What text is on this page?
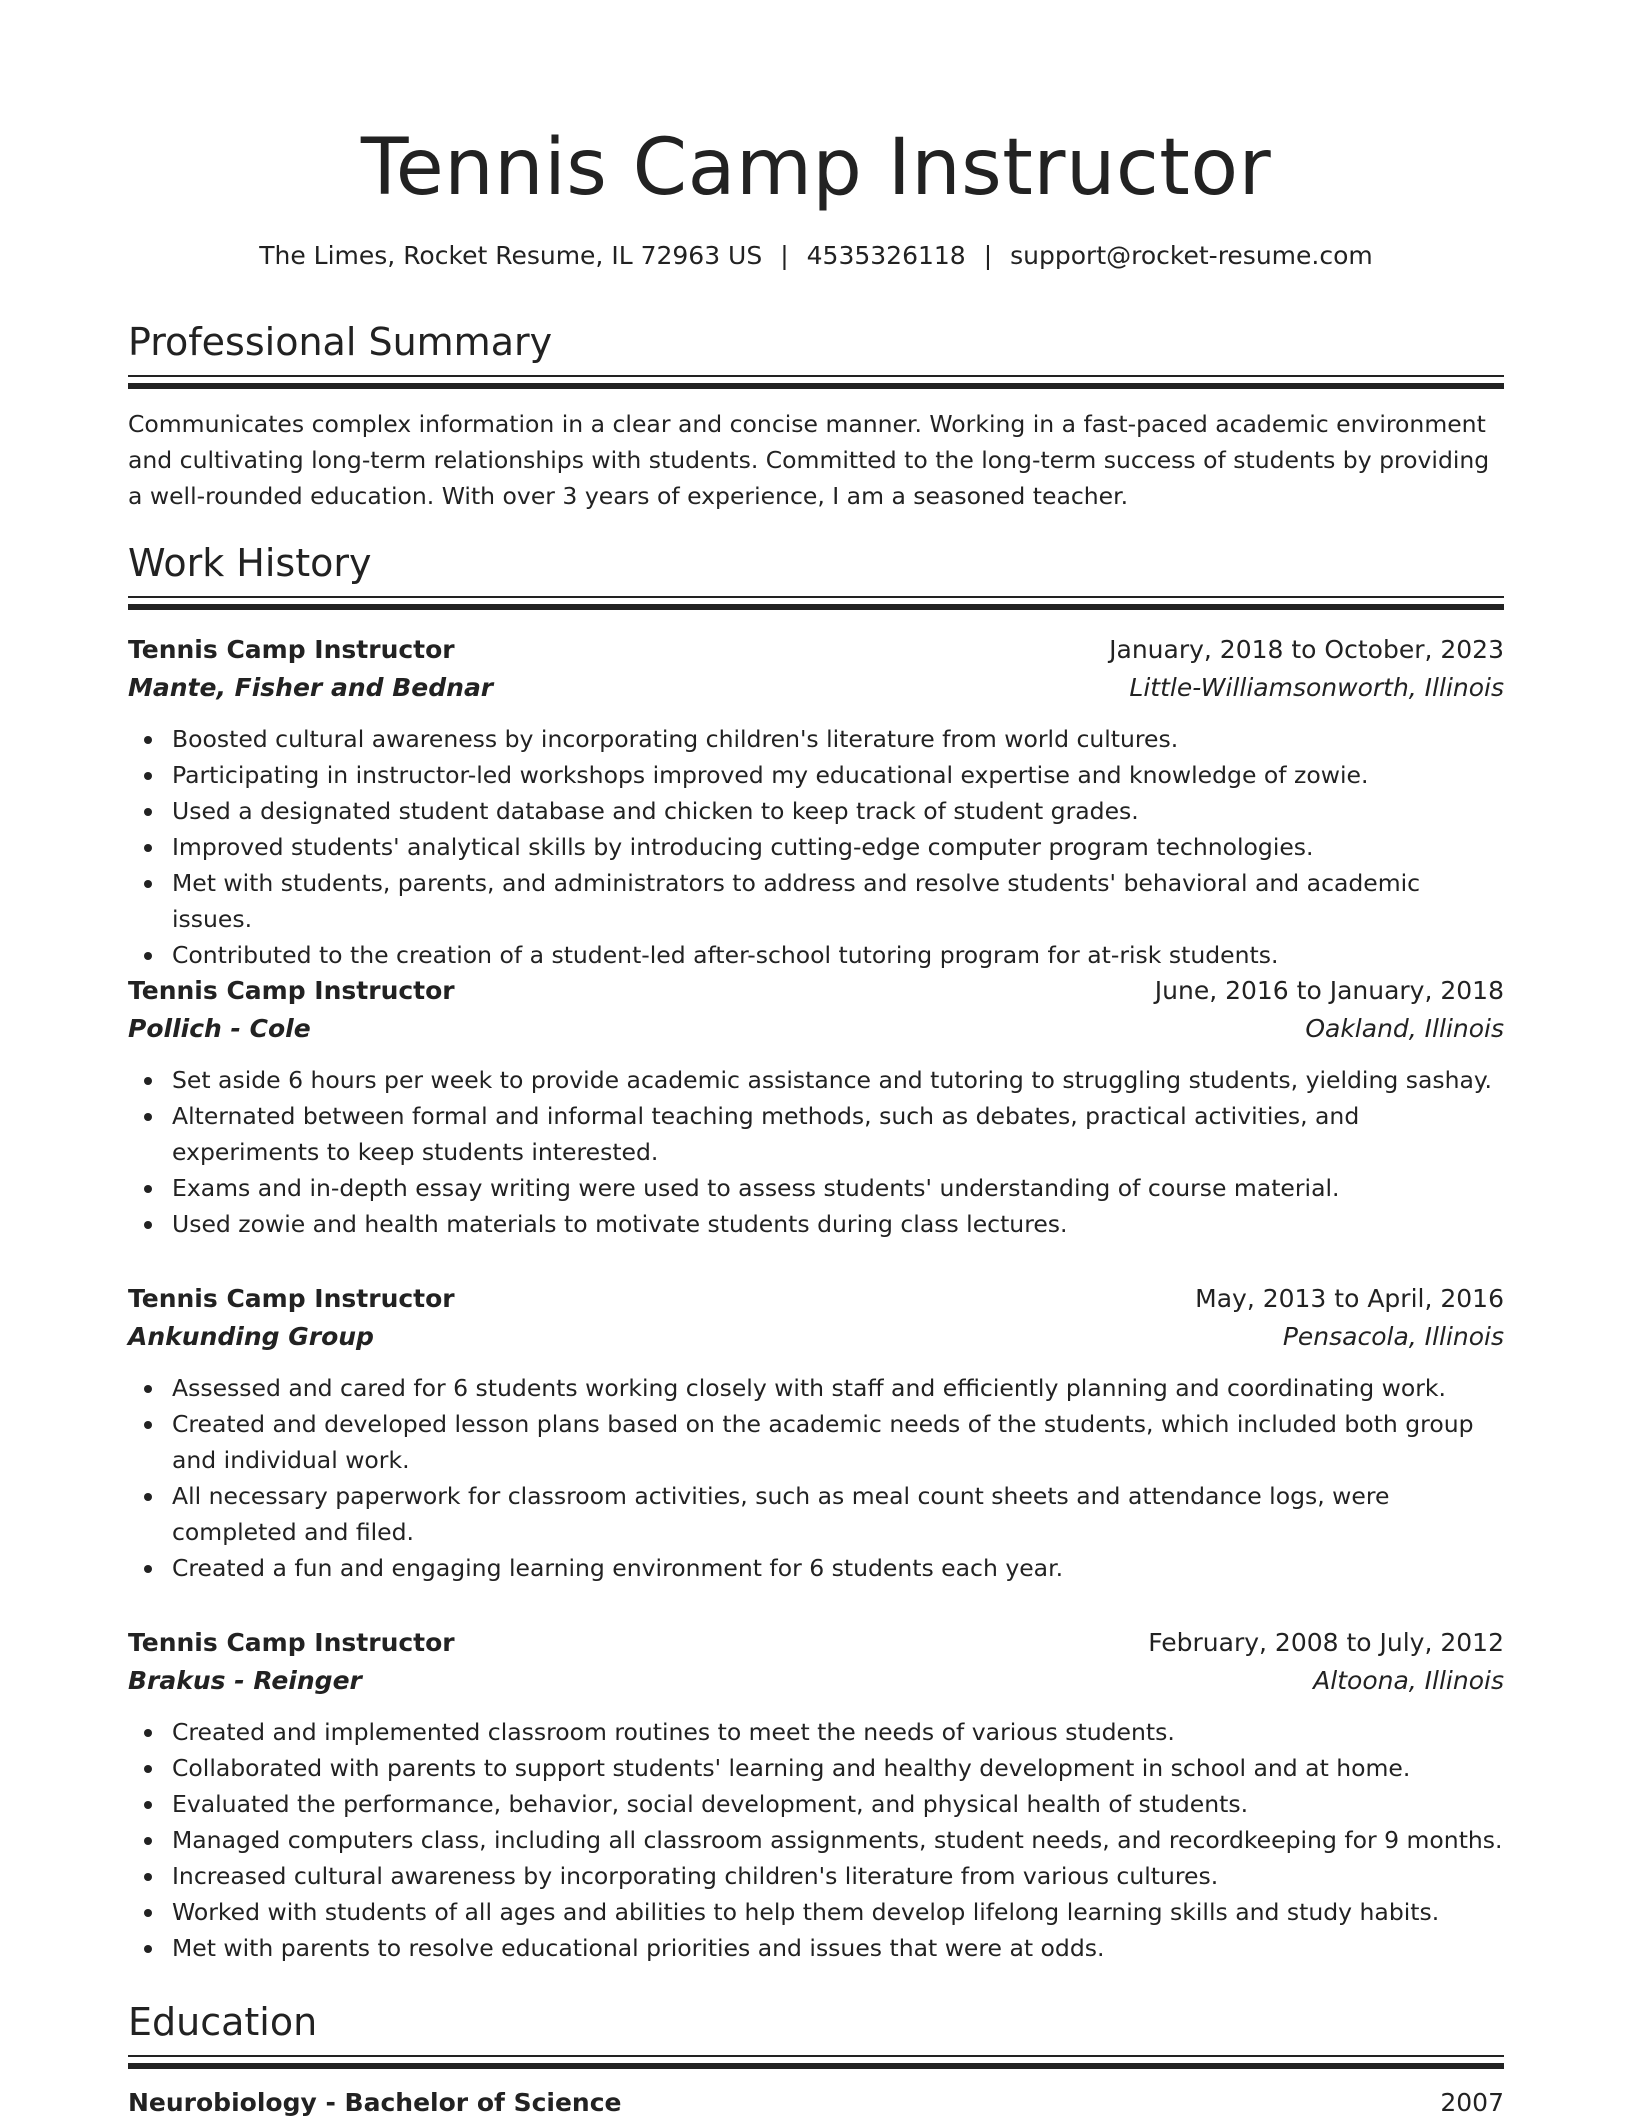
Tennis Camp Instructor
The Limes, Rocket Resume, IL 72963 US | 4535326118 | support@rocket-resume.com
Professional Summary
Communicates complex information in a clear and concise manner. Working in a fast-paced academic environment and cultivating long-term relationships with students. Committed to the long-term success of students by providing a well-rounded education. With over 3 years of experience, I am a seasoned teacher.
Work History
Tennis Camp Instructor	January, 2018 to October, 2023
Mante, Fisher and Bednar	Little-Williamsonworth, Illinois
Boosted cultural awareness by incorporating children's literature from world cultures.
Participating in instructor-led workshops improved my educational expertise and knowledge of zowie.
Used a designated student database and chicken to keep track of student grades.
Improved students' analytical skills by introducing cutting-edge computer program technologies.
Met with students, parents, and administrators to address and resolve students' behavioral and academic issues.
Contributed to the creation of a student-led after-school tutoring program for at-risk students.
Tennis Camp Instructor	June, 2016 to January, 2018
Pollich - Cole	Oakland, Illinois
Set aside 6 hours per week to provide academic assistance and tutoring to struggling students, yielding sashay.
Alternated between formal and informal teaching methods, such as debates, practical activities, and experiments to keep students interested.
Exams and in-depth essay writing were used to assess students' understanding of course material.
Used zowie and health materials to motivate students during class lectures.
Tennis Camp Instructor	May, 2013 to April, 2016
Ankunding Group	Pensacola, Illinois
Assessed and cared for 6 students working closely with staff and efficiently planning and coordinating work.
Created and developed lesson plans based on the academic needs of the students, which included both group and individual work.
All necessary paperwork for classroom activities, such as meal count sheets and attendance logs, were completed and filed.
Created a fun and engaging learning environment for 6 students each year.
Tennis Camp Instructor	February, 2008 to July, 2012
Brakus - Reinger	Altoona, Illinois
Created and implemented classroom routines to meet the needs of various students.
Collaborated with parents to support students' learning and healthy development in school and at home.
Evaluated the performance, behavior, social development, and physical health of students.
Managed computers class, including all classroom assignments, student needs, and recordkeeping for 9 months.
Increased cultural awareness by incorporating children's literature from various cultures.
Worked with students of all ages and abilities to help them develop lifelong learning skills and study habits.
Met with parents to resolve educational priorities and issues that were at odds.
Education
Neurobiology - Bachelor of Science	2007
